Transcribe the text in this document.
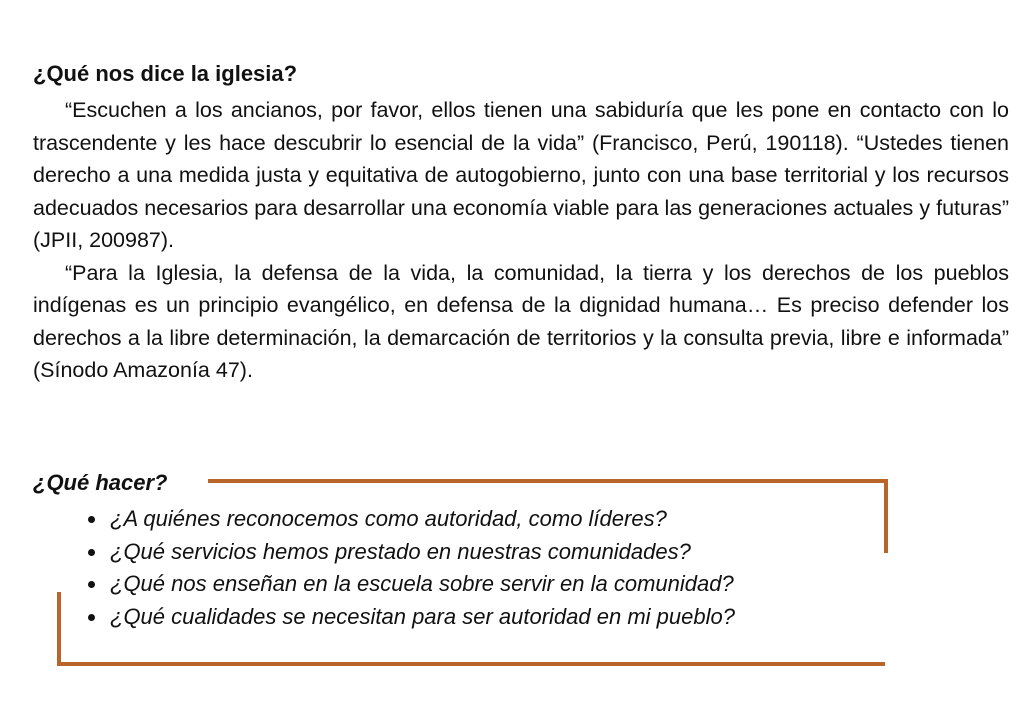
¿Qué nos dice la iglesia?

“Escuchen a los ancianos, por favor, ellos tienen una sabiduría que les pone en contacto con lo trascendente y les hace descubrir lo esencial de la vida” (Francisco, Perú, 190118). “Ustedes tienen derecho a una medida justa y equitativa de autogobierno, junto con una base territorial y los recursos adecuados necesarios para desarrollar una economía viable para las generaciones actuales y futuras” (JPII, 200987).

“Para la Iglesia, la defensa de la vida, la comunidad, la tierra y los derechos de los pueblos indígenas es un principio evangélico, en defensa de la dignidad humana… Es preciso defender los derechos a la libre determinación, la demarcación de territorios y la consulta previa, libre e informada” (Sínodo Amazonía 47).

¿Qué hacer?
¿A quiénes reconocemos como autoridad, como líderes?
¿Qué servicios hemos prestado en nuestras comunidades?
¿Qué nos enseñan en la escuela sobre servir en la comunidad?
¿Qué cualidades se necesitan para ser autoridad en mi pueblo?
